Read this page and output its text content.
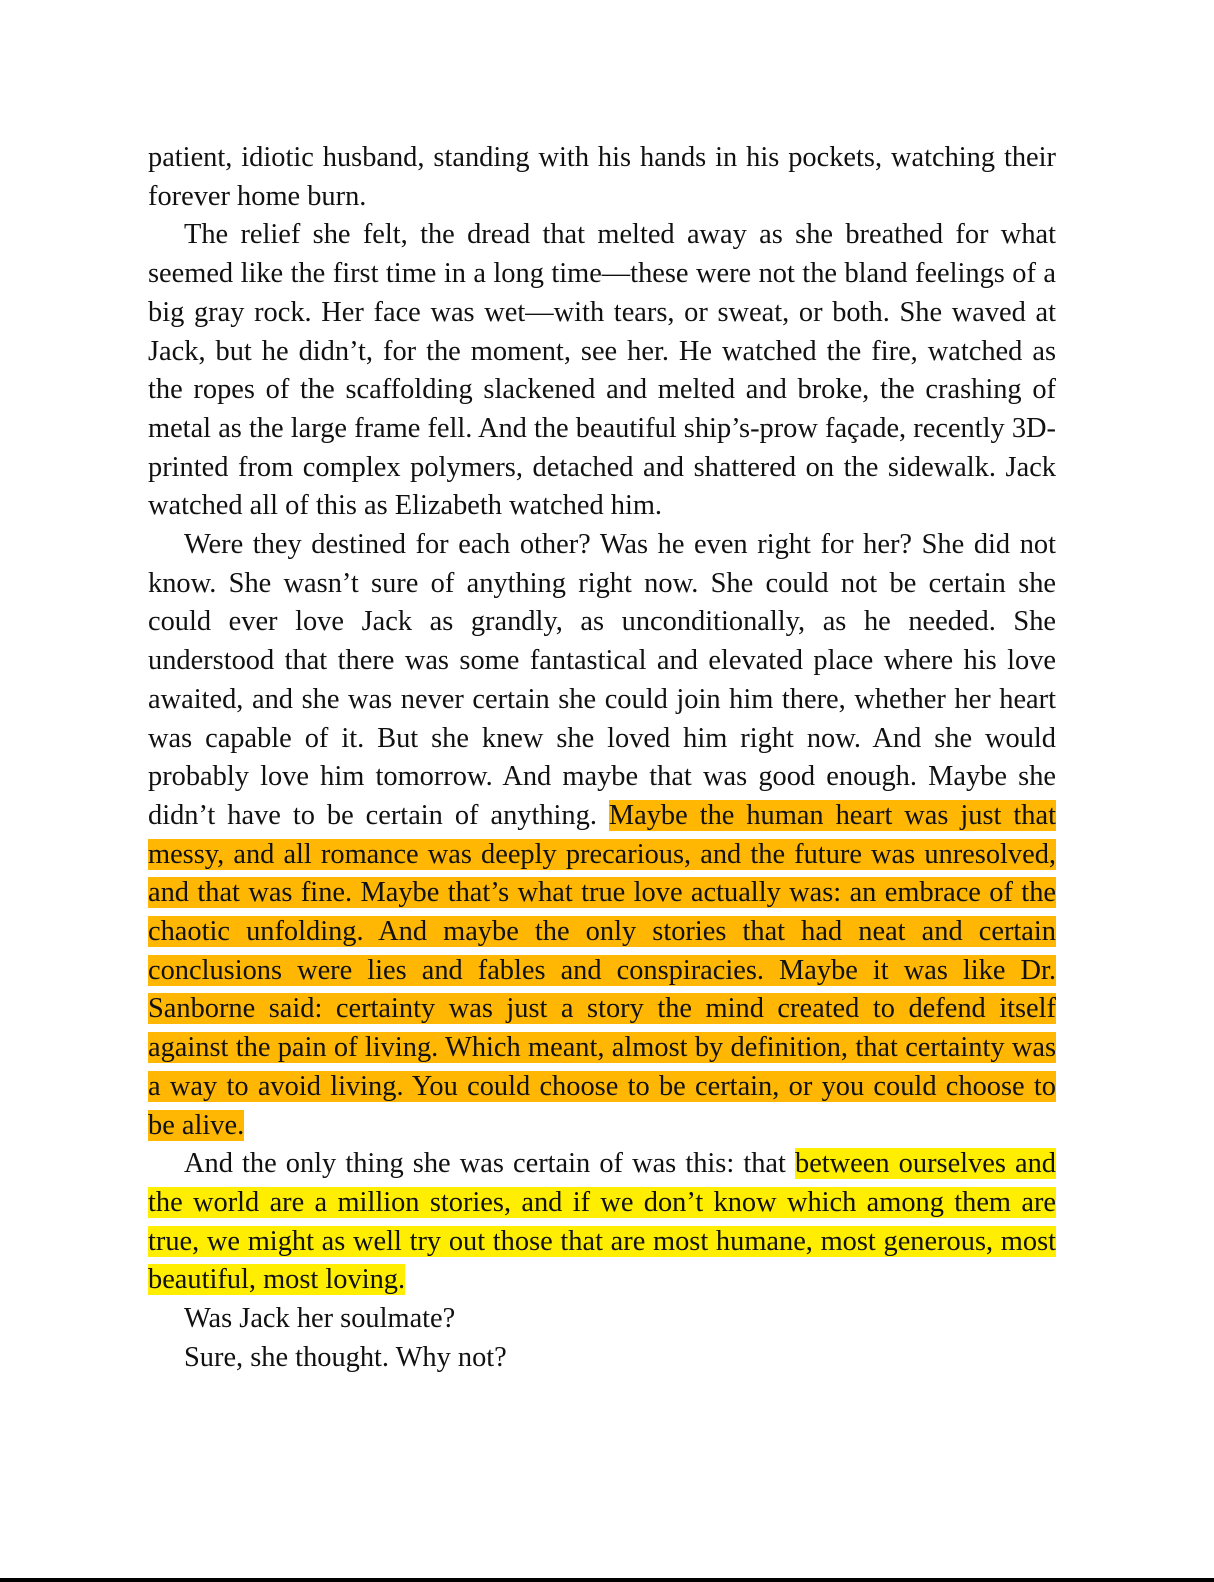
patient, idiotic husband, standing with his hands in his pockets, watching their forever home burn.

The relief she felt, the dread that melted away as she breathed for what seemed like the first time in a long time—these were not the bland feelings of a big gray rock. Her face was wet—with tears, or sweat, or both. She waved at Jack, but he didn’t, for the moment, see her. He watched the fire, watched as the ropes of the scaffolding slackened and melted and broke, the crashing of metal as the large frame fell. And the beautiful ship’s-prow façade, recently 3D-printed from complex polymers, detached and shattered on the sidewalk. Jack watched all of this as Elizabeth watched him.

Were they destined for each other? Was he even right for her? She did not know. She wasn’t sure of anything right now. She could not be certain she could ever love Jack as grandly, as unconditionally, as he needed. She understood that there was some fantastical and elevated place where his love awaited, and she was never certain she could join him there, whether her heart was capable of it. But she knew she loved him right now. And she would probably love him tomorrow. And maybe that was good enough. Maybe she didn’t have to be certain of anything. Maybe the human heart was just that messy, and all romance was deeply precarious, and the future was unresolved, and that was fine. Maybe that’s what true love actually was: an embrace of the chaotic unfolding. And maybe the only stories that had neat and certain conclusions were lies and fables and conspiracies. Maybe it was like Dr. Sanborne said: certainty was just a story the mind created to defend itself against the pain of living. Which meant, almost by definition, that certainty was a way to avoid living. You could choose to be certain, or you could choose to be alive.

And the only thing she was certain of was this: that between ourselves and the world are a million stories, and if we don’t know which among them are true, we might as well try out those that are most humane, most generous, most beautiful, most loving.

Was Jack her soulmate?

Sure, she thought. Why not?
